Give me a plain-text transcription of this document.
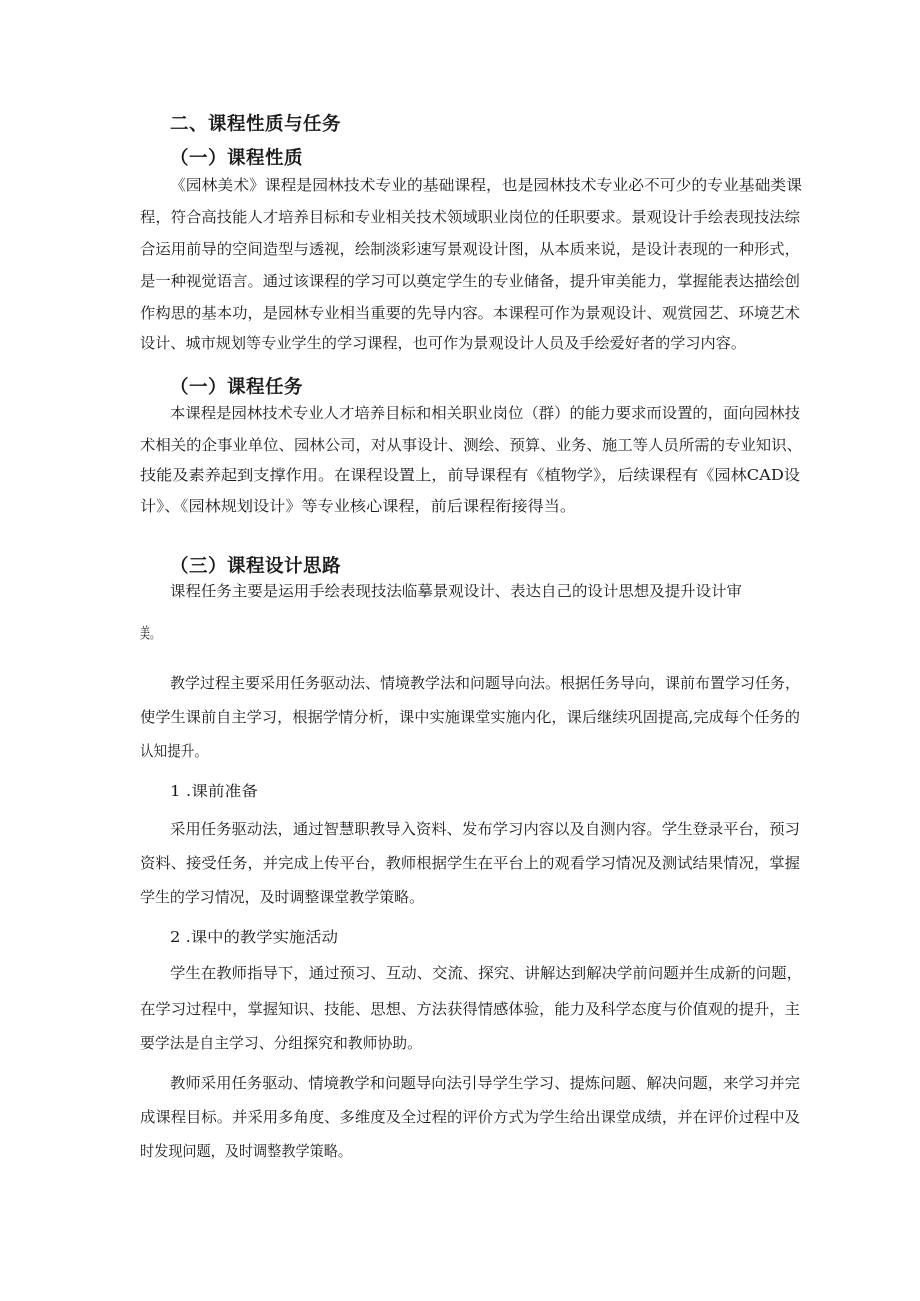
二、课程性质与任务
（一）课程性质
《园林美术》课程是园林技术专业的基础课程，也是园林技术专业必不可少的专业基础类课
程，符合高技能人才培养目标和专业相关技术领域职业岗位的任职要求。景观设计手绘表现技法综
合运用前导的空间造型与透视，绘制淡彩速写景观设计图，从本质来说，是设计表现的一种形式，
是一种视觉语言。通过该课程的学习可以奠定学生的专业储备，提升审美能力，掌握能表达描绘创
作构思的基本功，是园林专业相当重要的先导内容。本课程可作为景观设计、观赏园艺、环境艺术
设计、城市规划等专业学生的学习课程，也可作为景观设计人员及手绘爱好者的学习内容。
（一）课程任务
本课程是园林技术专业人才培养目标和相关职业岗位（群）的能力要求而设置的，面向园林技
术相关的企事业单位、园林公司，对从事设计、测绘、预算、业务、施工等人员所需的专业知识、
技能及素养起到支撑作用。在课程设置上，前导课程有《植物学》，后续课程有《园林CAD设
计》、《园林规划设计》等专业核心课程，前后课程衔接得当。
（三）课程设计思路
课程任务主要是运用手绘表现技法临摹景观设计、表达自己的设计思想及提升设计审
美。
教学过程主要采用任务驱动法、情境教学法和问题导向法。根据任务导向，课前布置学习任务，
使学生课前自主学习，根据学情分析，课中实施课堂实施内化，课后继续巩固提高,完成每个任务的
认知提升。
1 .课前准备
采用任务驱动法，通过智慧职教导入资料、发布学习内容以及自测内容。学生登录平台，预习
资料、接受任务，并完成上传平台，教师根据学生在平台上的观看学习情况及测试结果情况，掌握
学生的学习情况，及时调整课堂教学策略。
2 .课中的教学实施活动
学生在教师指导下，通过预习、互动、交流、探究、讲解达到解决学前问题并生成新的问题，
在学习过程中，掌握知识、技能、思想、方法获得情感体验，能力及科学态度与价值观的提升，主
要学法是自主学习、分组探究和教师协助。
教师采用任务驱动、情境教学和问题导向法引导学生学习、提炼问题、解决问题，来学习并完
成课程目标。并采用多角度、多维度及全过程的评价方式为学生给出课堂成绩，并在评价过程中及
时发现问题，及时调整教学策略。
